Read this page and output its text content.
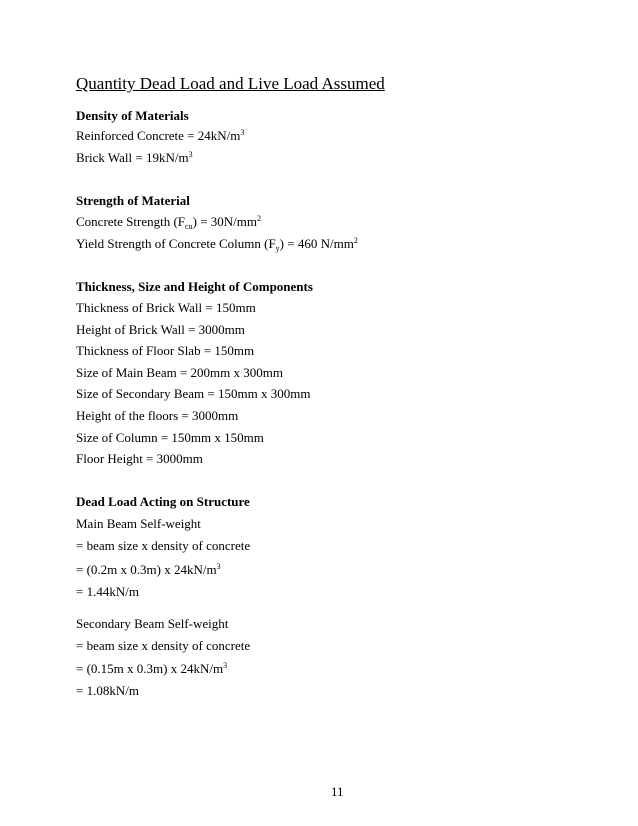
Quantity Dead Load and Live Load Assumed
Density of Materials
Reinforced Concrete = $24kN/m^3$
Brick Wall = $19kN/m^3$
Strength of Material
Concrete Strength $(F_{cu}) = 30N/mm^2$
Yield Strength of Concrete Column $(F_y) = 460$ $N/mm^2$
Thickness, Size and Height of Components
Thickness of Brick Wall = 150mm
Height of Brick Wall = 3000mm
Thickness of Floor Slab = 150mm
Size of Main Beam = 200mm x 300mm
Size of Secondary Beam = 150mm x 300mm
Height of the floors = 3000mm
Size of Column = 150mm x 150mm
Floor Height = 3000mm
Dead Load Acting on Structure
Main Beam Self-weight
= beam size x density of concrete
= (0.2m x 0.3m) x $24kN/m^3$
= 1.44kN/m
Secondary Beam Self-weight
= beam size x density of concrete
= (0.15m x 0.3m) x $24kN/m^3$
= 1.08kN/m
11
